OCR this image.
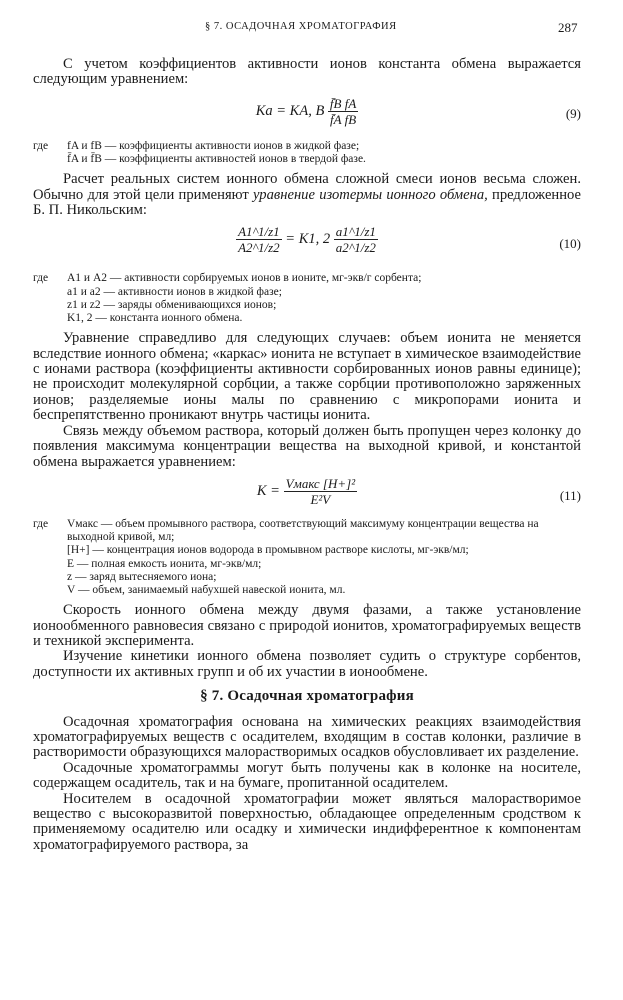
§ 7. ОСАДОЧНАЯ ХРОМАТОГРАФИЯ	287

С учетом коэффициентов активности ионов константа обмена выражается следующим уравнением:

Ka = KA, B $\frac{\text{f̄B fA}}{\text{f̄A fB}}$	(9)
где	fA и fB — коэффициенты активности ионов в жидкой фазе;
f̄A и f̄B — коэффициенты активностей ионов в твердой фазе.

Расчет реальных систем ионного обмена сложной смеси ионов весьма сложен. Обычно для этой цели применяют уравнение изотермы ионного обмена, предложенное Б. П. Никольским:

$\frac{A1\^{}1/z1}{A2\^{}1/z2} = K1$, $2 \frac{a1\^{}1/z1}{a2\^{}1/z2}$	(10)
где	A1 и A2 — активности сорбируемых ионов в ионите, мг-экв/г сорбента;
a1 и a2 — активности ионов в жидкой фазе;
z1 и z2 — заряды обменивающихся ионов;
K1, 2 — константа ионного обмена.

Уравнение справедливо для следующих случаев: объем ионита не меняется вследствие ионного обмена; «каркас» ионита не вступает в химическое взаимодействие с ионами раствора (коэффициенты активности сорбированных ионов равны единице); не происходит молекулярной сорбции, а также сорбции противоположно заряженных ионов; разделяемые ионы малы по сравнению с микропорами ионита и беспрепятственно проникают внутрь частицы ионита.

Связь между объемом раствора, который должен быть пропущен через колонку до появления максимума концентрации вещества на выходной кривой, и константой обмена выражается уравнением:

$K = \frac{\text{Vмакс [H+]²}}{\text{E²V}}$	(11)
где	Vмакс — объем промывного раствора, соответствующий максимуму концентрации вещества на выходной кривой, мл;
[H+] — концентрация ионов водорода в промывном растворе кислоты, мг-экв/мл;
E — полная емкость ионита, мг-экв/мл;
z — заряд вытесняемого иона;
V — объем, занимаемый набухшей навеской ионита, мл.

Скорость ионного обмена между двумя фазами, а также установление ионообменного равновесия связано с природой ионитов, хроматографируемых веществ и техникой эксперимента.

Изучение кинетики ионного обмена позволяет судить о структуре сорбентов, доступности их активных групп и об их участии в ионообмене.

§ 7. Осадочная хроматография

Осадочная хроматография основана на химических реакциях взаимодействия хроматографируемых веществ с осадителем, входящим в состав колонки, различие в растворимости образующихся малорастворимых осадков обусловливает их разделение.

Осадочные хроматограммы могут быть получены как в колонке на носителе, содержащем осадитель, так и на бумаге, пропитанной осадителем.

Носителем в осадочной хроматографии может являться малорастворимое вещество с высокоразвитой поверхностью, обладающее определенным сродством к применяемому осадителю или осадку и химически индифферентное к компонентам хроматографируемого раствора, за
